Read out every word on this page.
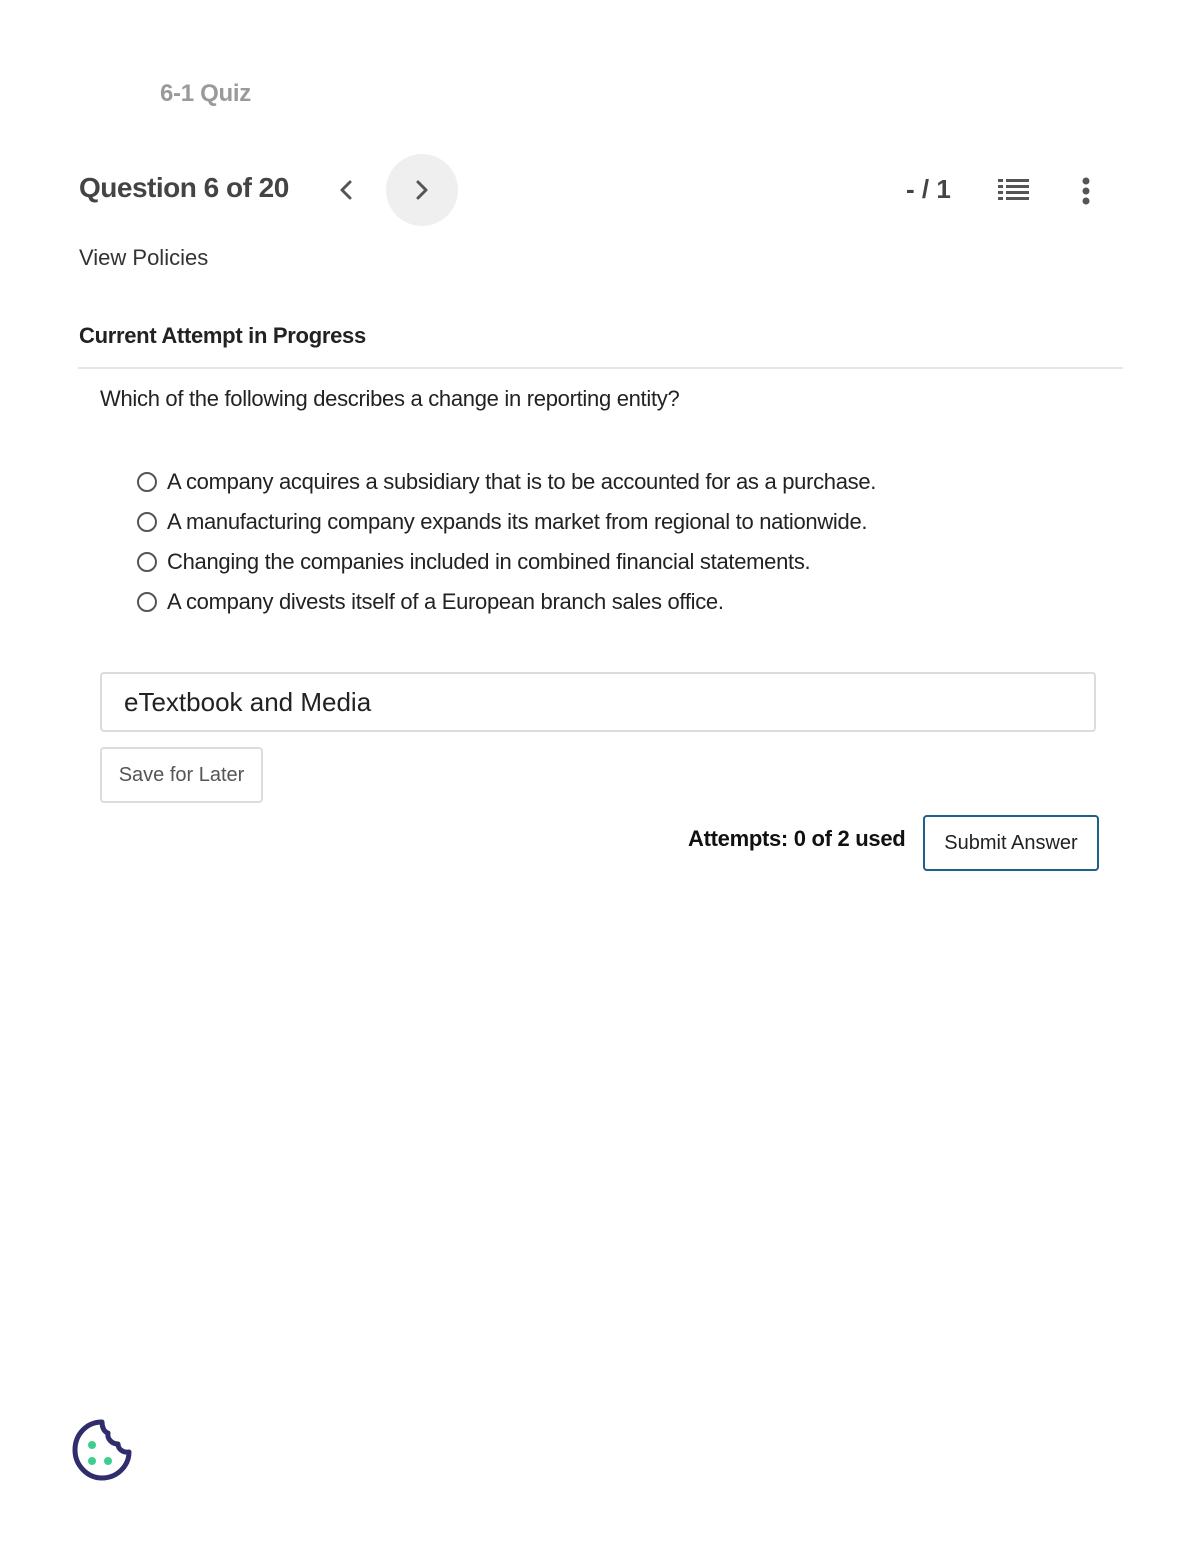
6-1 Quiz
Question 6 of 20	- / 1
View Policies
Current Attempt in Progress
Which of the following describes a change in reporting entity?
A company acquires a subsidiary that is to be accounted for as a purchase.
A manufacturing company expands its market from regional to nationwide.
Changing the companies included in combined financial statements.
A company divests itself of a European branch sales office.
eTextbook and Media
Save for Later
Attempts: 0 of 2 used	Submit Answer
